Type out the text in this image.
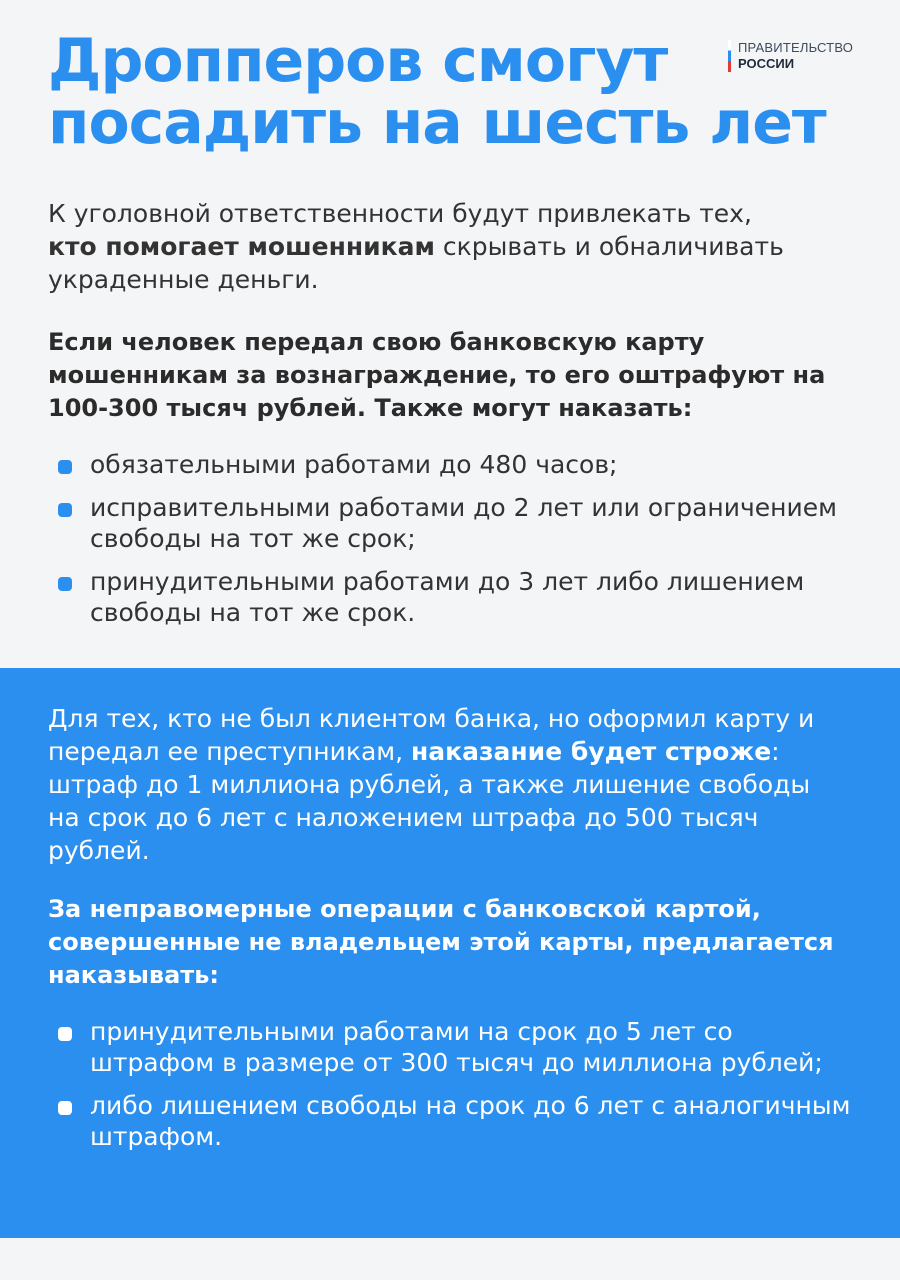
Дропперов смогут
посадить на шесть лет
ПРАВИТЕЛЬСТВО
РОССИИ

К уголовной ответственности будут привлекать тех,
кто помогает мошенникам скрывать и обналичивать украденные деньги.

Если человек передал свою банковскую карту мошенникам за вознаграждение, то его оштрафуют на 100-300 тысяч рублей. Также могут наказать:

обязательными работами до 480 часов;
исправительными работами до 2 лет или ограничением свободы на тот же срок;
принудительными работами до 3 лет либо лишением свободы на тот же срок.

Для тех, кто не был клиентом банка, но оформил карту и передал ее преступникам, наказание будет строже: штраф до 1 миллиона рублей, а также лишение свободы на срок до 6 лет с наложением штрафа до 500 тысяч рублей.

За неправомерные операции с банковской картой, совершенные не владельцем этой карты, предлагается наказывать:

принудительными работами на срок до 5 лет со штрафом в размере от 300 тысяч до миллиона рублей;
либо лишением свободы на срок до 6 лет с аналогичным штрафом.
